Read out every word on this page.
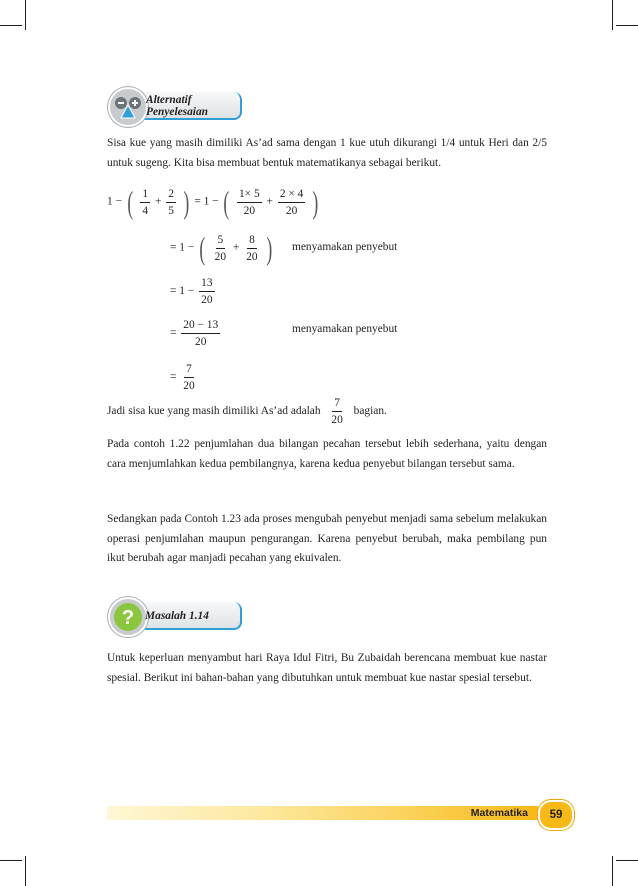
Alternatif
Penyelesaian
Sisa kue yang masih dimiliki As’ad sama dengan 1 kue utuh dikurangi 1/4 untuk Heri dan 2/5 untuk sugeng. Kita bisa membuat bentuk matematikanya sebagai berikut.
1 − ( $\frac{1}{4} + \frac{2}{5}$ ) = 1 − ( $\frac{1\times 5}{20} + \frac{2 \times 4}{20}$ )
= 1 − ( $\frac{5}{20} + \frac{8}{20}$ ) menyamakan penyebut
= $1 - \frac{13}{20}$
= $\frac{20 - 13}{20}$	menyamakan penyebut
= $\frac{7}{20}$
Jadi sisa kue yang masih dimiliki As’ad adalah $\frac{7}{20}$ bagian.
Pada contoh 1.22 penjumlahan dua bilangan pecahan tersebut lebih sederhana, yaitu dengan cara menjumlahkan kedua pembilangnya, karena kedua penyebut bilangan tersebut sama.
Sedangkan pada Contoh 1.23 ada proses mengubah penyebut menjadi sama sebelum melakukan operasi penjumlahan maupun pengurangan. Karena penyebut berubah, maka pembilang pun ikut berubah agar manjadi pecahan yang ekuivalen.
? Masalah 1.14
Untuk keperluan menyambut hari Raya Idul Fitri, Bu Zubaidah berencana membuat kue nastar spesial. Berikut ini bahan-bahan yang dibutuhkan untuk membuat kue nastar spesial tersebut.
Matematika	59
